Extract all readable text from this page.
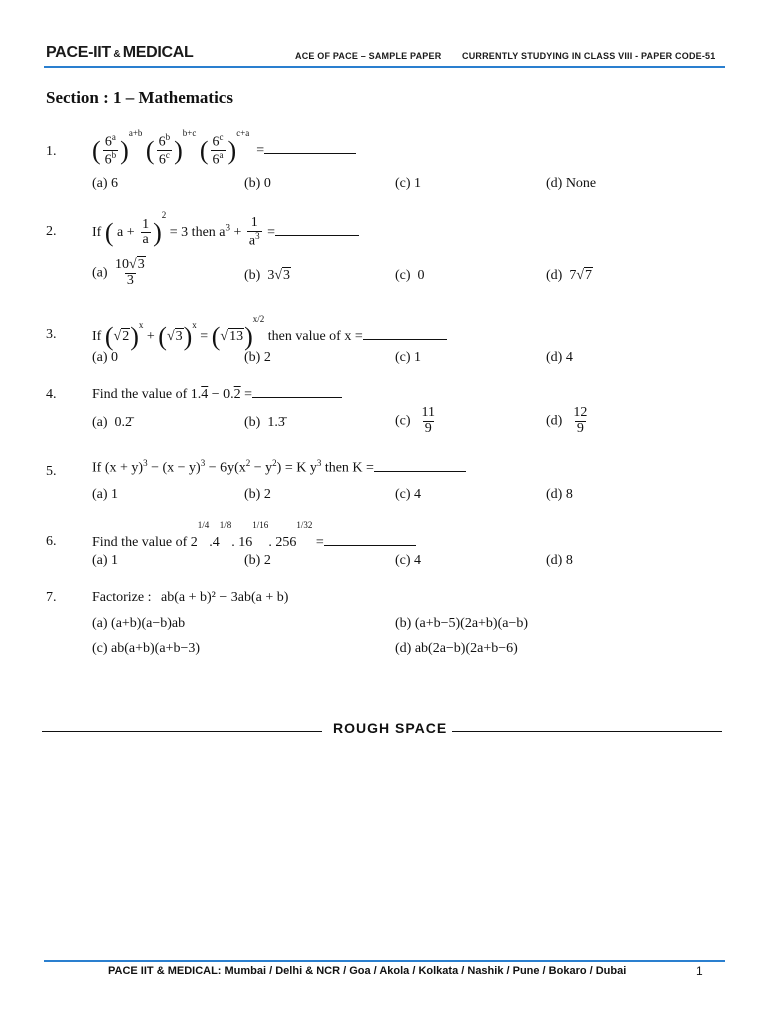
PACE-IIT & MEDICAL	ACE OF PACE – SAMPLE PAPER CURRENTLY STUDYING IN CLASS VIII - PAPER CODE-51
Section : 1 – Mathematics
1. ( $\frac{6^a}{6^b} )^{a+b}$ ( $\frac{6^b}{6^c} )^{b+c}$ ( $\frac{6^c}{6^a} )^{c+a}$  =
(a) 6	(b) 0	(c) 1	(d) None
2.	If ( $a + \frac{1}{a} )^2 = 3$ then $a^3 + \frac{1}{a^3}$ =
$(a) \frac{10√3}{3}$	(b)  3√3	(c) 0	(d)  7√7
3.	If $(√2)^x + (√3)^x = (√13)^{x/2}$ then value of x =
(a) 0	(b) 2	(c) 1	(d) 4
4.	Find the value of 1.4 − 0.2 =
(a)  0.2̄	(b)  1.3̄	$(c) \frac{11}{9}$	$(d) \frac{12}{9}$
5.	If $(x + y)^3 - (x - y)^3 - 6y(x^2 - y^2) = K$ $y^3$ then K =
(a) 1	(b) 2	(c) 4	(d) 8
6.	Find the value of $2^{1/4}.4^{1/8}$. $16^{1/16}$. $256^{1/32}$ =
(a) 1	(b) 2	(c) 4	(d) 8
7.	Factorize : ab(a + b)² − 3ab(a + b)
(a) (a+b)(a−b)ab	(b) (a+b−5)(2a+b)(a−b)
(c) ab(a+b)(a+b−3)	(d) ab(2a−b)(2a+b−6)
ROUGH SPACE
PACE IIT & MEDICAL: Mumbai / Delhi & NCR / Goa / Akola / Kolkata / Nashik / Pune / Bokaro / Dubai	1
